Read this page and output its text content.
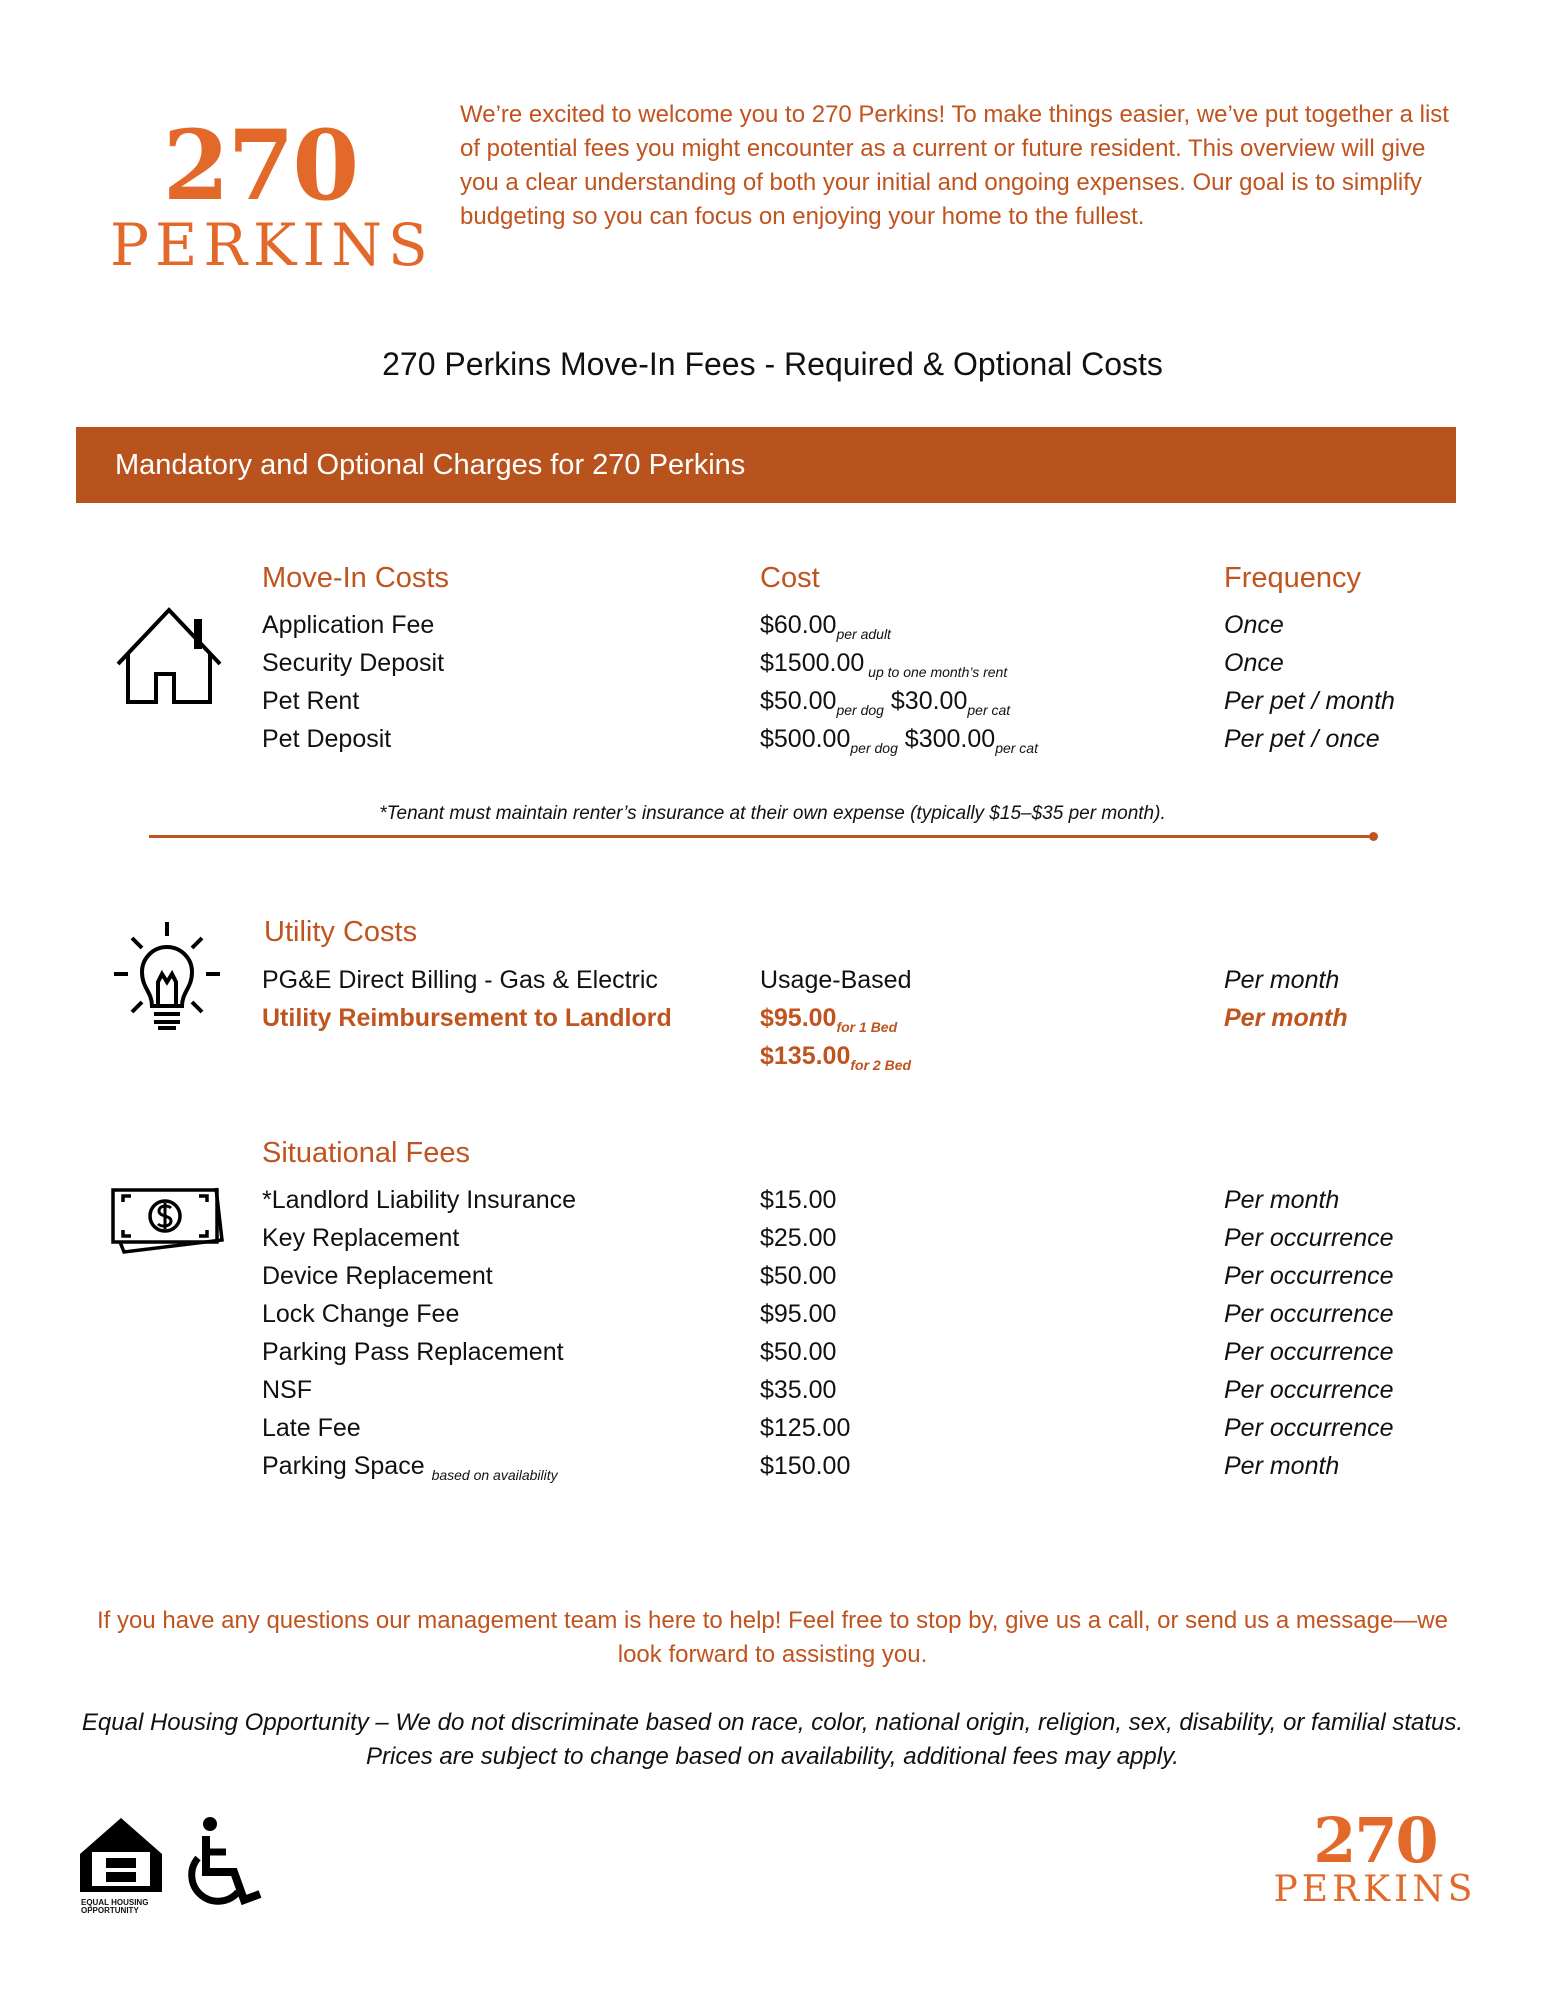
270
PERKINS
We’re excited to welcome you to 270 Perkins! To make things easier, we’ve put together a list of potential fees you might encounter as a current or future resident. This overview will give you a clear understanding of both your initial and ongoing expenses. Our goal is to simplify budgeting so you can focus on enjoying your home to the fullest.
270 Perkins Move-In Fees - Required & Optional Costs
Mandatory and Optional Charges for 270 Perkins
Move-In Costs	Cost	Frequency
Application Fee	$\$60.00_{per adult}$	Once
Security Deposit	$1500.00 $_{up to one month’s rent}$	Once
Pet Rent	$\$50.00_{per dog}$ $\$30.00_{per cat}$	Per pet / month
Pet Deposit	$\$500.00_{per dog}$ $\$300.00_{per cat}$	Per pet / once
*Tenant must maintain renter’s insurance at their own expense (typically $15–$35 per month).
Utility Costs
PG&E Direct Billing - Gas & Electric	Usage-Based	Per month
Utility Reimbursement to Landlord	$\$95.00_{for 1 Bed}$	Per month
$\$135.00_{for 2 Bed}$
Situational Fees
*Landlord Liability Insurance	$15.00	Per month
Key Replacement	$25.00	Per occurrence
Device Replacement	$50.00	Per occurrence
Lock Change Fee	$95.00	Per occurrence
Parking Pass Replacement	$50.00	Per occurrence
NSF	$35.00	Per occurrence
Late Fee	$125.00	Per occurrence
Parking Space $_{based on availability}$	$150.00	Per month
If you have any questions our management team is here to help! Feel free to stop by, give us a call, or send us a message—we look forward to assisting you.
Equal Housing Opportunity – We do not discriminate based on race, color, national origin, religion, sex, disability, or familial status. Prices are subject to change based on availability, additional fees may apply.
EQUAL HOUSING OPPORTUNITY
270
PERKINS
